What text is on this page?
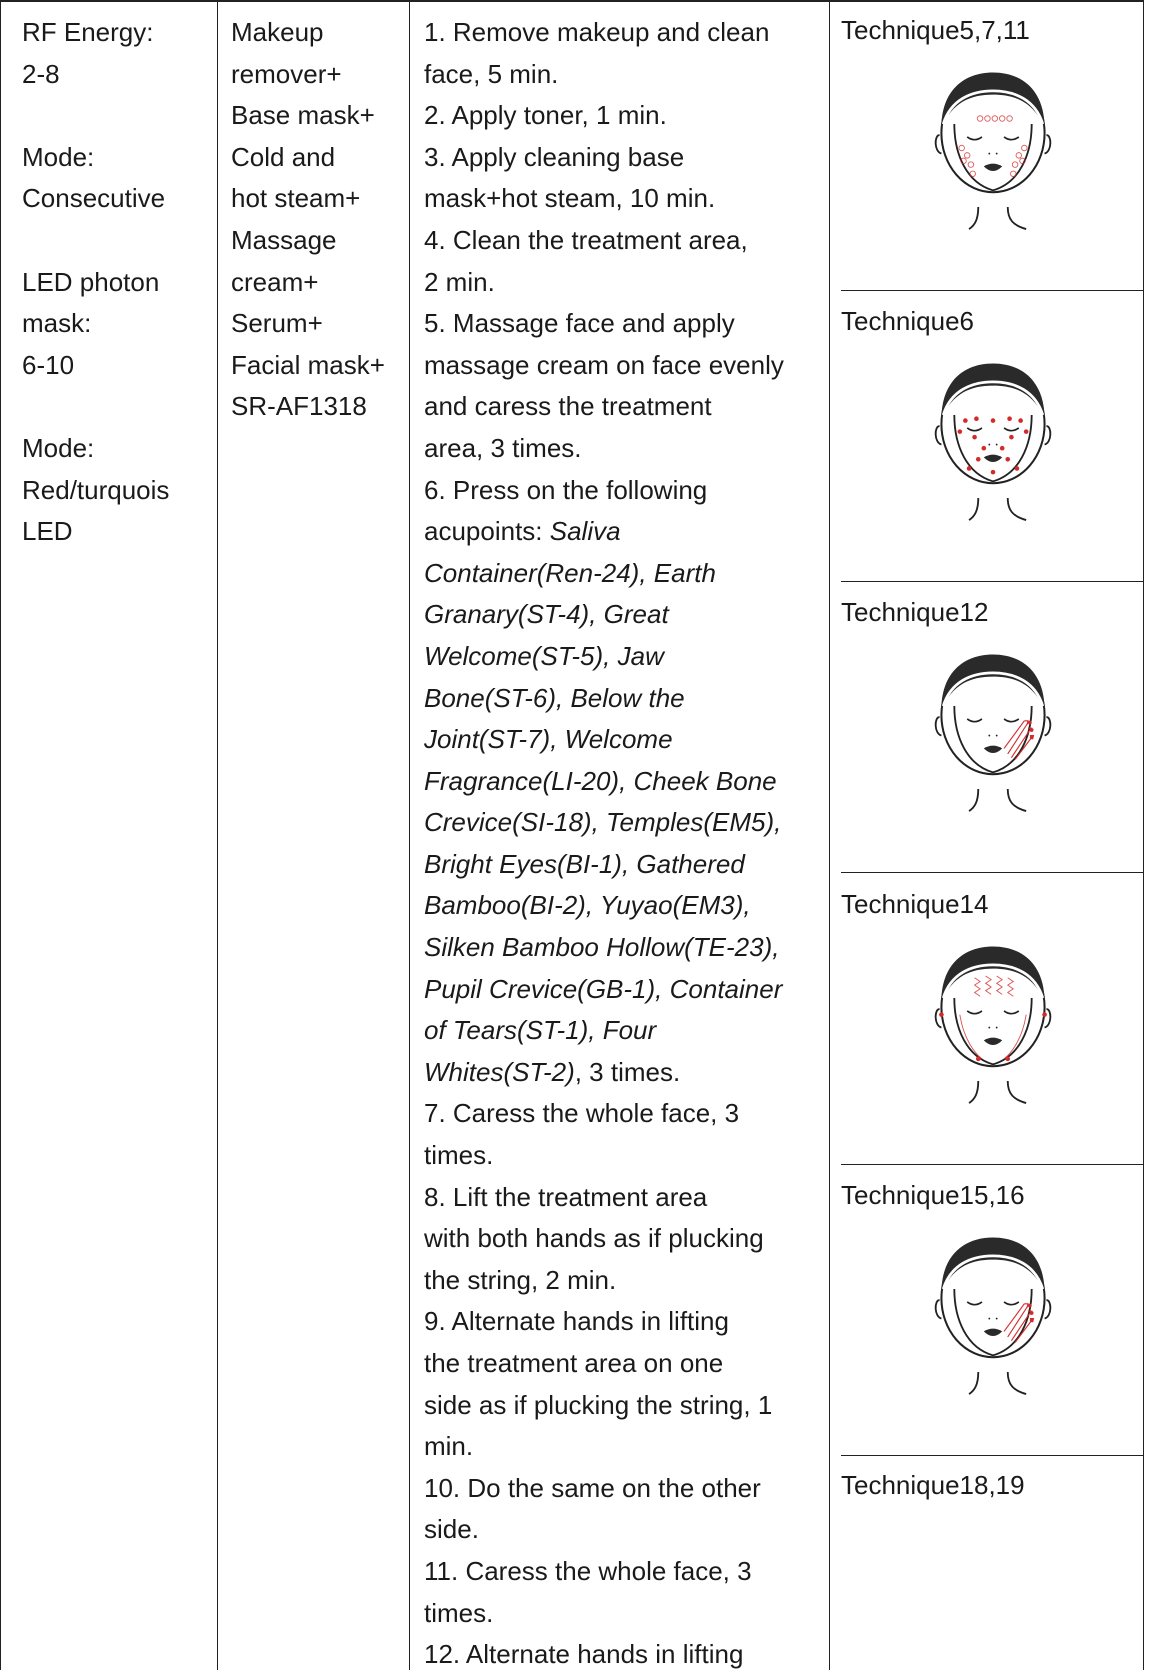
RF Energy:
2-8
Mode:
Consecutive
LED photon
mask:
6-10
Mode:
Red/turquois
LED
Makeup
remover+
Base mask+
Cold and
hot steam+
Massage
cream+
Serum+
Facial mask+
SR-AF1318
1. Remove makeup and clean
face, 5 min.
2. Apply toner, 1 min.
3. Apply cleaning base
mask+hot steam, 10 min.
4. Clean the treatment area,
2 min.
5. Massage face and apply
massage cream on face evenly
and caress the treatment
area, 3 times.
6. Press on the following
acupoints: Saliva
Container(Ren-24), Earth
Granary(ST-4), Great
Welcome(ST-5), Jaw
Bone(ST-6), Below the
Joint(ST-7), Welcome
Fragrance(LI-20), Cheek Bone
Crevice(SI-18), Temples(EM5),
Bright Eyes(BI-1), Gathered
Bamboo(BI-2), Yuyao(EM3),
Silken Bamboo Hollow(TE-23),
Pupil Crevice(GB-1), Container
of Tears(ST-1), Four
Whites(ST-2), 3 times.
7. Caress the whole face, 3
times.
8. Lift the treatment area
with both hands as if plucking
the string, 2 min.
9. Alternate hands in lifting
the treatment area on one
side as if plucking the string, 1
min.
10. Do the same on the other
side.
11. Caress the whole face, 3
times.
12. Alternate hands in lifting
Technique5,7,11
Technique6
Technique12
Technique14
Technique15,16
Technique18,19
